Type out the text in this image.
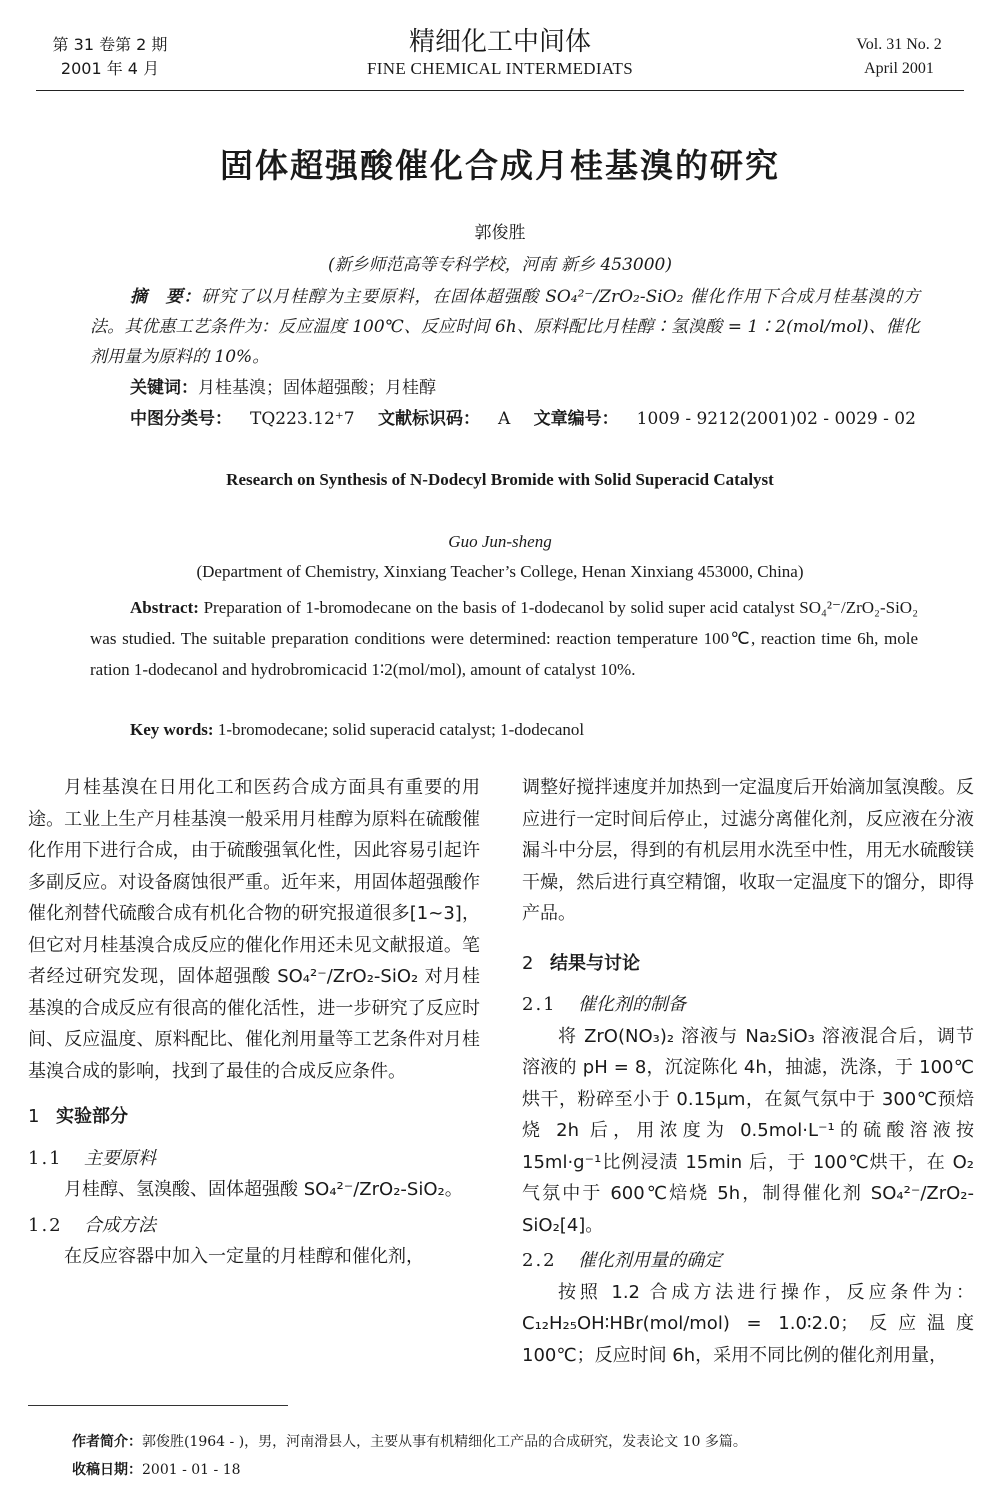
第 31 卷第 2 期
2001 年 4 月
精细化工中间体
FINE CHEMICAL INTERMEDIATS
Vol. 31 No. 2
April 2001
固体超强酸催化合成月桂基溴的研究
郭俊胜
(新乡师范高等专科学校，河南 新乡 453000)
摘　要：研究了以月桂醇为主要原料，在固体超强酸 SO₄²⁻/ZrO₂-SiO₂ 催化作用下合成月桂基溴的方法。其优惠工艺条件为：反应温度 100℃、反应时间 6h、原料配比月桂醇∶氢溴酸 = 1∶2(mol/mol)、催化剂用量为原料的 10%。
关键词：月桂基溴；固体超强酸；月桂醇
中图分类号： TQ223.12⁺7 文献标识码： A 文章编号： 1009 - 9212(2001)02 - 0029 - 02
Research on Synthesis of N-Dodecyl Bromide with Solid Superacid Catalyst
Guo Jun-sheng
(Department of Chemistry, Xinxiang Teacher’s College, Henan Xinxiang 453000, China)
Abstract: Preparation of 1-bromodecane on the basis of 1-dodecanol by solid super acid catalyst SO₄²⁻/ZrO₂-SiO₂ was studied. The suitable preparation conditions were determined: reaction temperature 100℃, reaction time 6h, mole ration 1-dodecanol and hydrobromicacid 1∶2(mol/mol), amount of catalyst 10%.
Key words: 1-bromodecane; solid superacid catalyst; 1-dodecanol

月桂基溴在日用化工和医药合成方面具有重要的用途。工业上生产月桂基溴一般采用月桂醇为原料在硫酸催化作用下进行合成，由于硫酸强氧化性，因此容易引起许多副反应。对设备腐蚀很严重。近年来，用固体超强酸作催化剂替代硫酸合成有机化合物的研究报道很多[1~3]，但它对月桂基溴合成反应的催化作用还未见文献报道。笔者经过研究发现，固体超强酸 SO₄²⁻/ZrO₂-SiO₂ 对月桂基溴的合成反应有很高的催化活性，进一步研究了反应时间、反应温度、原料配比、催化剂用量等工艺条件对月桂基溴合成的影响，找到了最佳的合成反应条件。

1 实验部分
1.1 主要原料

月桂醇、氢溴酸、固体超强酸 SO₄²⁻/ZrO₂-SiO₂。

1.2 合成方法

在反应容器中加入一定量的月桂醇和催化剂，

调整好搅拌速度并加热到一定温度后开始滴加氢溴酸。反应进行一定时间后停止，过滤分离催化剂，反应液在分液漏斗中分层，得到的有机层用水洗至中性，用无水硫酸镁干燥，然后进行真空精馏，收取一定温度下的馏分，即得产品。

2 结果与讨论
2.1 催化剂的制备

将 ZrO(NO₃)₂ 溶液与 Na₂SiO₃ 溶液混合后，调节溶液的 pH = 8，沉淀陈化 4h，抽滤，洗涤，于 100℃烘干，粉碎至小于 0.15μm，在氮气氛中于 300℃预焙烧 2h 后，用浓度为 0.5mol·L⁻¹的硫酸溶液按 15ml·g⁻¹比例浸渍 15min 后，于 100℃烘干，在 O₂ 气氛中于 600℃焙烧 5h，制得催化剂 SO₄²⁻/ZrO₂-SiO₂[4]。

2.2 催化剂用量的确定

按照 1.2 合成方法进行操作，反应条件为：C₁₂H₂₅OH∶HBr(mol/mol) = 1.0∶2.0；反应温度 100℃；反应时间 6h，采用不同比例的催化剂用量，

作者简介：郭俊胜(1964 - )，男，河南滑县人，主要从事有机精细化工产品的合成研究，发表论文 10 多篇。
收稿日期：2001 - 01 - 18
